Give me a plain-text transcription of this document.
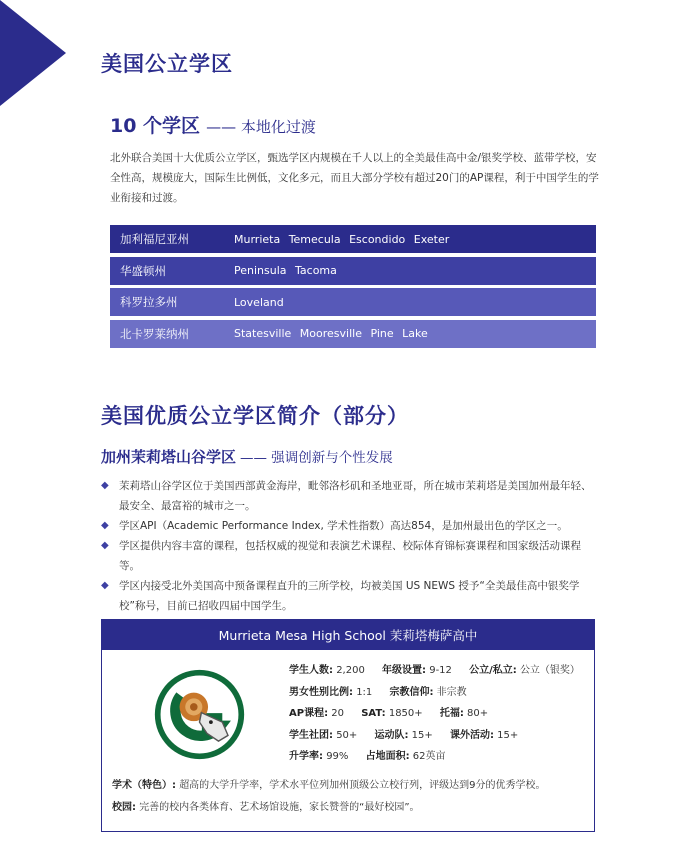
美国公立学区
10 个学区 —— 本地化过渡
北外联合美国十大优质公立学区，甄选学区内规模在千人以上的全美最佳高中金/银奖学校、蓝带学校，安全性高，规模庞大，国际生比例低，文化多元，而且大部分学校有超过20门的AP课程，利于中国学生的学业衔接和过渡。
加利福尼亚州	Murrieta Temecula Escondido Exeter
华盛顿州	Peninsula Tacoma
科罗拉多州	Loveland
北卡罗莱纳州	Statesville Mooresville Pine Lake
美国优质公立学区简介（部分）
加州茉莉塔山谷学区 —— 强调创新与个性发展
◆ 茉莉塔山谷学区位于美国西部黄金海岸，毗邻洛杉矶和圣地亚哥，所在城市茉莉塔是美国加州最年轻、最安全、最富裕的城市之一。
◆ 学区API（Academic Performance Index, 学术性指数）高达854，是加州最出色的学区之一。
◆ 学区提供内容丰富的课程，包括权威的视觉和表演艺术课程、校际体育锦标赛课程和国家级活动课程等。
◆ 学区内接受北外美国高中预备课程直升的三所学校，均被美国 US NEWS 授予“全美最佳高中银奖学校”称号，目前已招收四届中国学生。
Murrieta Mesa High School 茉莉塔梅萨高中
学生人数: 2,200 年级设置: 9-12 公立/私立: 公立（银奖）
男女性别比例: 1:1 宗教信仰: 非宗教
AP课程: 20 SAT: 1850+ 托福: 80+
学生社团: 50+ 运动队: 15+ 课外活动: 15+
升学率: 99% 占地面积: 62英亩
学术（特色）: 超高的大学升学率，学术水平位列加州顶级公立校行列，评级达到9分的优秀学校。
校园: 完善的校内各类体育、艺术场馆设施，家长赞誉的“最好校园”。
